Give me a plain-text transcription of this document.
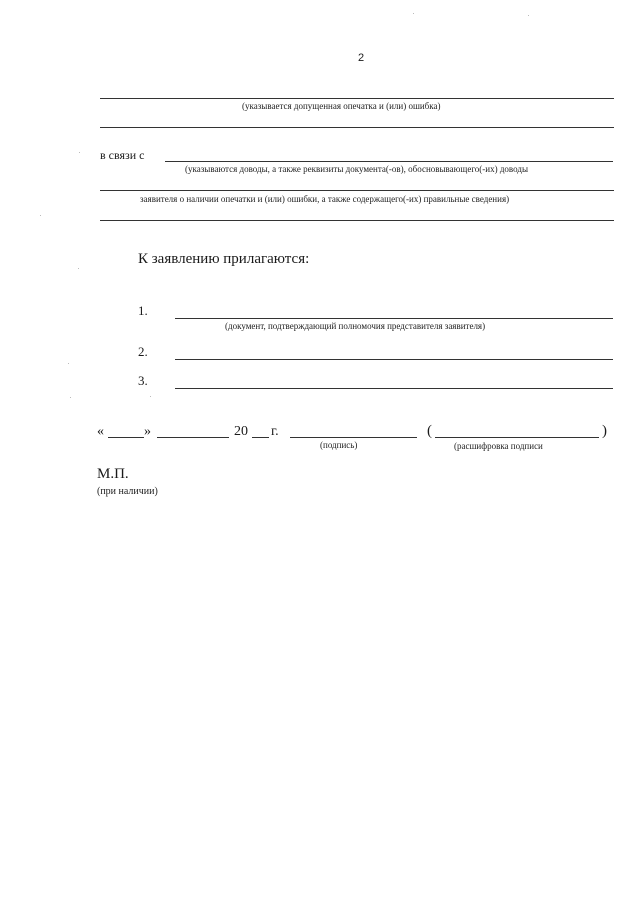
2
(указывается допущенная опечатка и (или) ошибка)
в связи с
(указываются доводы, а также реквизиты документа(-ов), обосновывающего(-их) доводы
заявителя о наличии опечатки и (или) ошибки, а также содержащего(-их) правильные сведения)
К заявлению прилагаются:
1.
(документ, подтверждающий полномочия представителя заявителя)
2.
3.
«	»	20 г.
(подпись)
(	)
(расшифровка подписи
М.П.
(при наличии)
